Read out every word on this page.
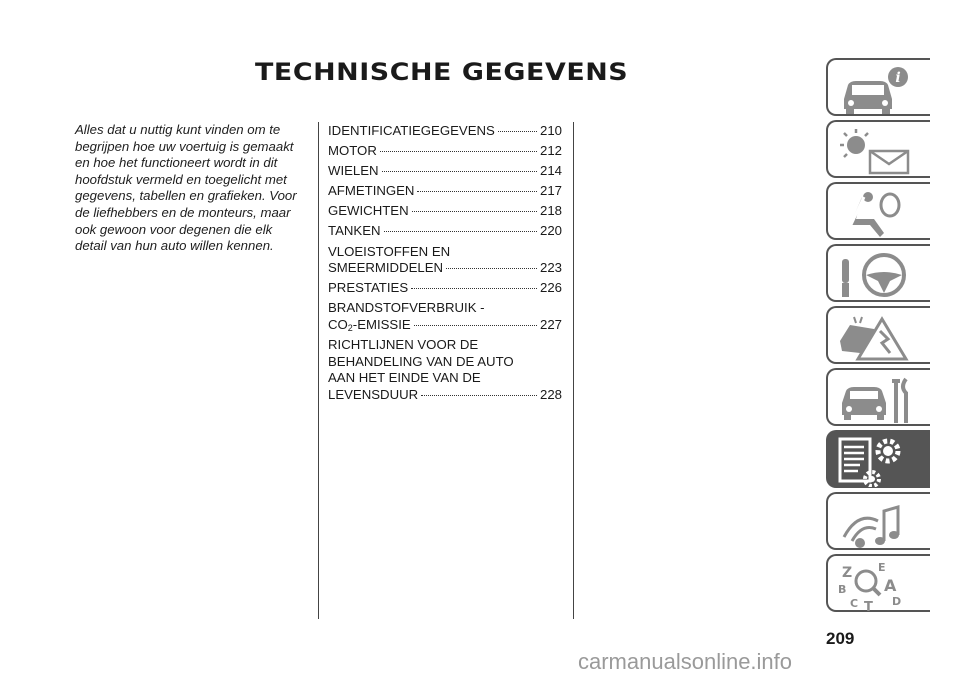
TECHNISCHE GEGEVENS

Alles dat u nuttig kunt vinden om te begrijpen hoe uw voertuig is gemaakt en hoe het functioneert wordt in dit hoofdstuk vermeld en toegelicht met gegevens, tabellen en grafieken. Voor de liefhebbers en de monteurs, maar ook gewoon voor degenen die elk detail van hun auto willen kennen.

IDENTIFICATIEGEGEVENS	210
MOTOR	212
WIELEN	214
AFMETINGEN	217
GEWICHTEN	218
TANKEN	220
VLOEISTOFFEN EN
SMEERMIDDELEN	223
PRESTATIES	226
BRANDSTOFVERBRUIK -
$CO_2$-EMISSIE	227
RICHTLIJNEN VOOR DE
BEHANDELING VAN DE AUTO
AAN HET EINDE VAN DE
LEVENSDUUR	228
i
Z E
B A
C	D
T
209
carmanualsonline.info
